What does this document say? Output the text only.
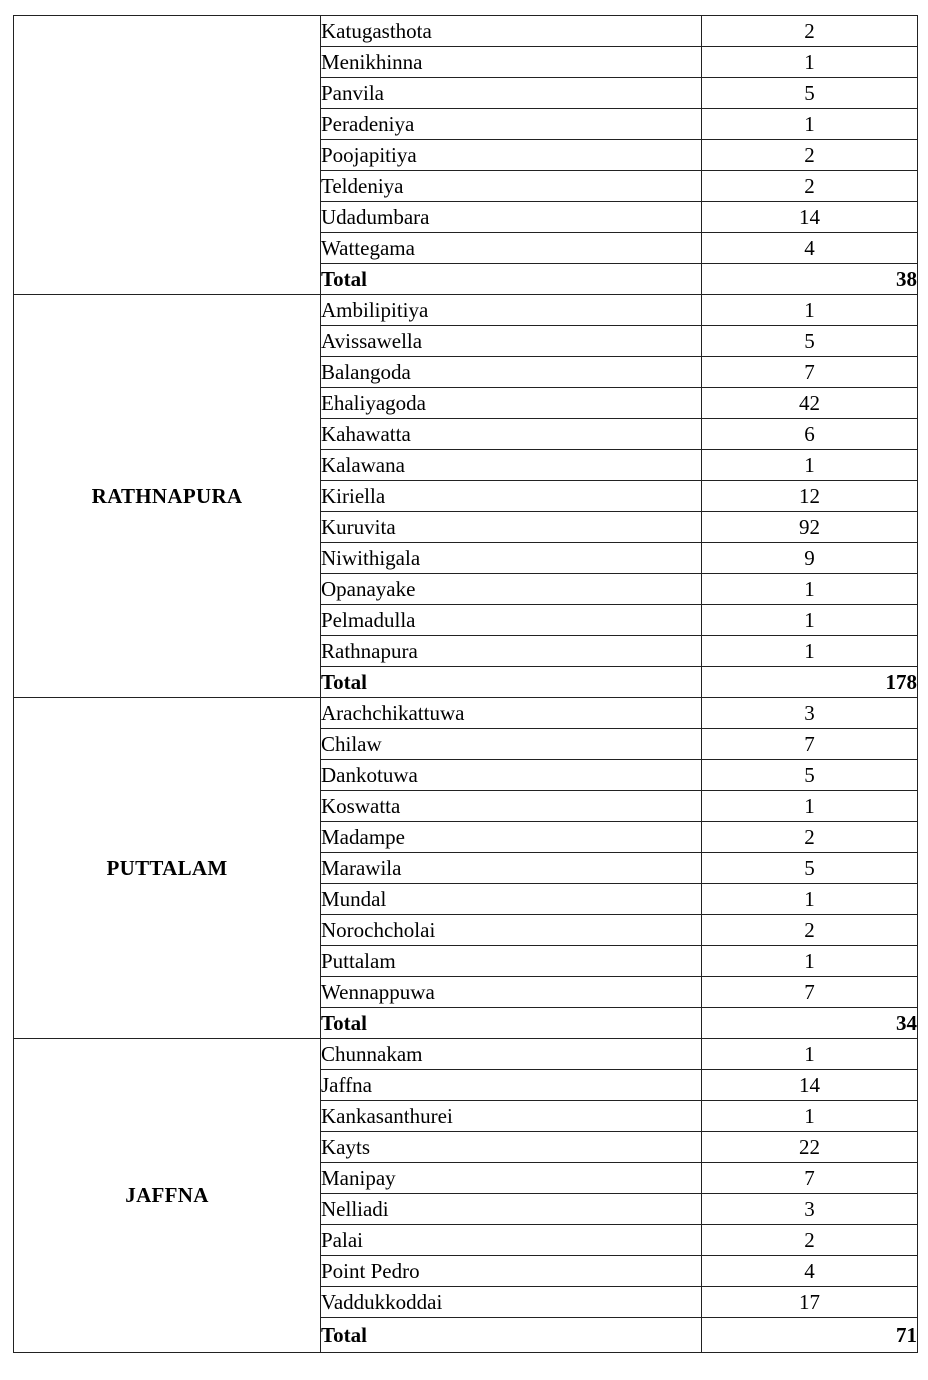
	Katugasthota	2
	Menikhinna	1
	Panvila	5
	Peradeniya	1
	Poojapitiya	2
	Teldeniya	2
	Udadumbara	14
	Wattegama	4
	Total	38
RATHNAPURA	Ambilipitiya	1
	Avissawella	5
	Balangoda	7
	Ehaliyagoda	42
	Kahawatta	6
	Kalawana	1
	Kiriella	12
	Kuruvita	92
	Niwithigala	9
	Opanayake	1
	Pelmadulla	1
	Rathnapura	1
	Total	178
PUTTALAM	Arachchikattuwa	3
	Chilaw	7
	Dankotuwa	5
	Koswatta	1
	Madampe	2
	Marawila	5
	Mundal	1
	Norochcholai	2
	Puttalam	1
	Wennappuwa	7
	Total	34
JAFFNA	Chunnakam	1
	Jaffna	14
	Kankasanthurei	1
	Kayts	22
	Manipay	7
	Nelliadi	3
	Palai	2
	Point Pedro	4
	Vaddukkoddai	17
	Total	71
